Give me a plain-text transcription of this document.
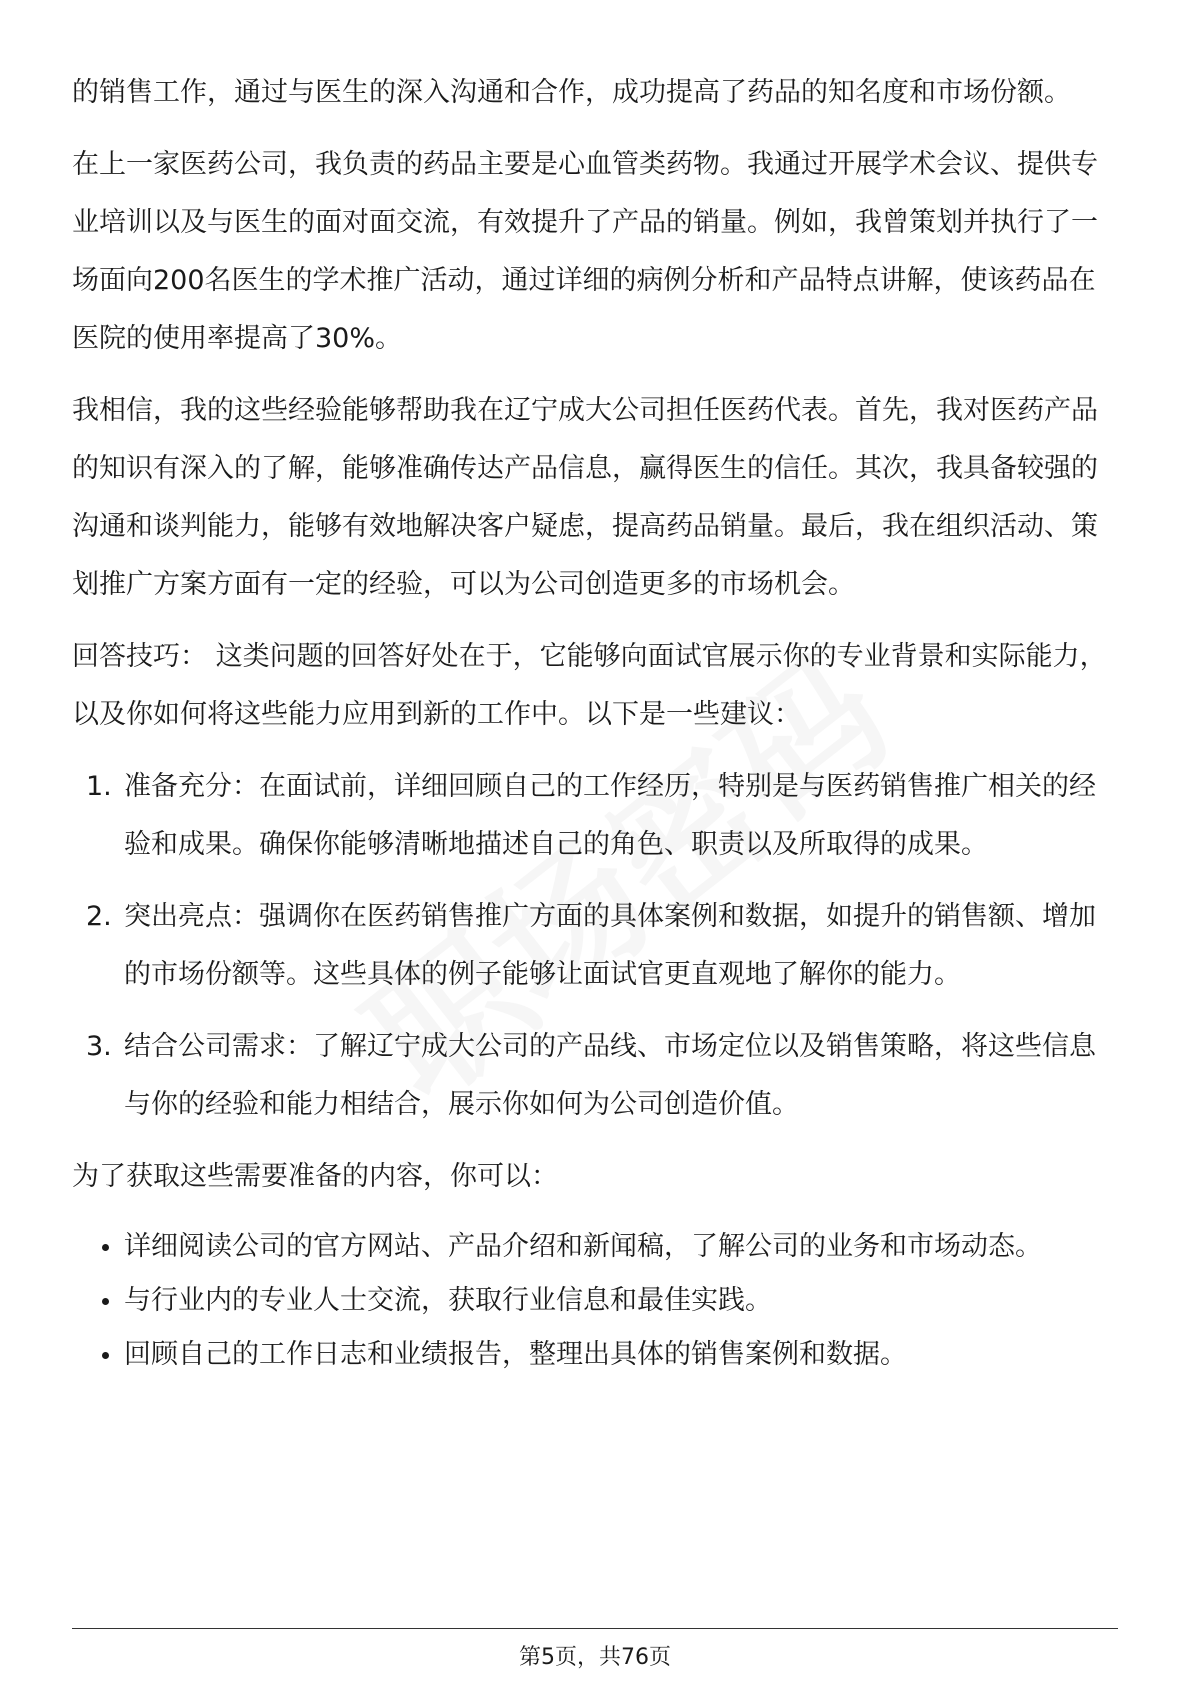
的销售工作，通过与医生的深入沟通和合作，成功提高了药品的知名度和市场份额。

在上一家医药公司，我负责的药品主要是心血管类药物。我通过开展学术会议、提供专业培训以及与医生的面对面交流，有效提升了产品的销量。例如，我曾策划并执行了一场面向200名医生的学术推广活动，通过详细的病例分析和产品特点讲解，使该药品在医院的使用率提高了30%。

我相信，我的这些经验能够帮助我在辽宁成大公司担任医药代表。首先，我对医药产品的知识有深入的了解，能够准确传达产品信息，赢得医生的信任。其次，我具备较强的沟通和谈判能力，能够有效地解决客户疑虑，提高药品销量。最后，我在组织活动、策划推广方案方面有一定的经验，可以为公司创造更多的市场机会。

回答技巧： 这类问题的回答好处在于，它能够向面试官展示你的专业背景和实际能力，以及你如何将这些能力应用到新的工作中。以下是一些建议：

1. 准备充分：在面试前，详细回顾自己的工作经历，特别是与医药销售推广相关的经验和成果。确保你能够清晰地描述自己的角色、职责以及所取得的成果。
2. 突出亮点：强调你在医药销售推广方面的具体案例和数据，如提升的销售额、增加的市场份额等。这些具体的例子能够让面试官更直观地了解你的能力。
3. 结合公司需求：了解辽宁成大公司的产品线、市场定位以及销售策略，将这些信息与你的经验和能力相结合，展示你如何为公司创造价值。

为了获取这些需要准备的内容，你可以：

详细阅读公司的官方网站、产品介绍和新闻稿，了解公司的业务和市场动态。
与行业内的专业人士交流，获取行业信息和最佳实践。
回顾自己的工作日志和业绩报告，整理出具体的销售案例和数据。
第5页，共76页
